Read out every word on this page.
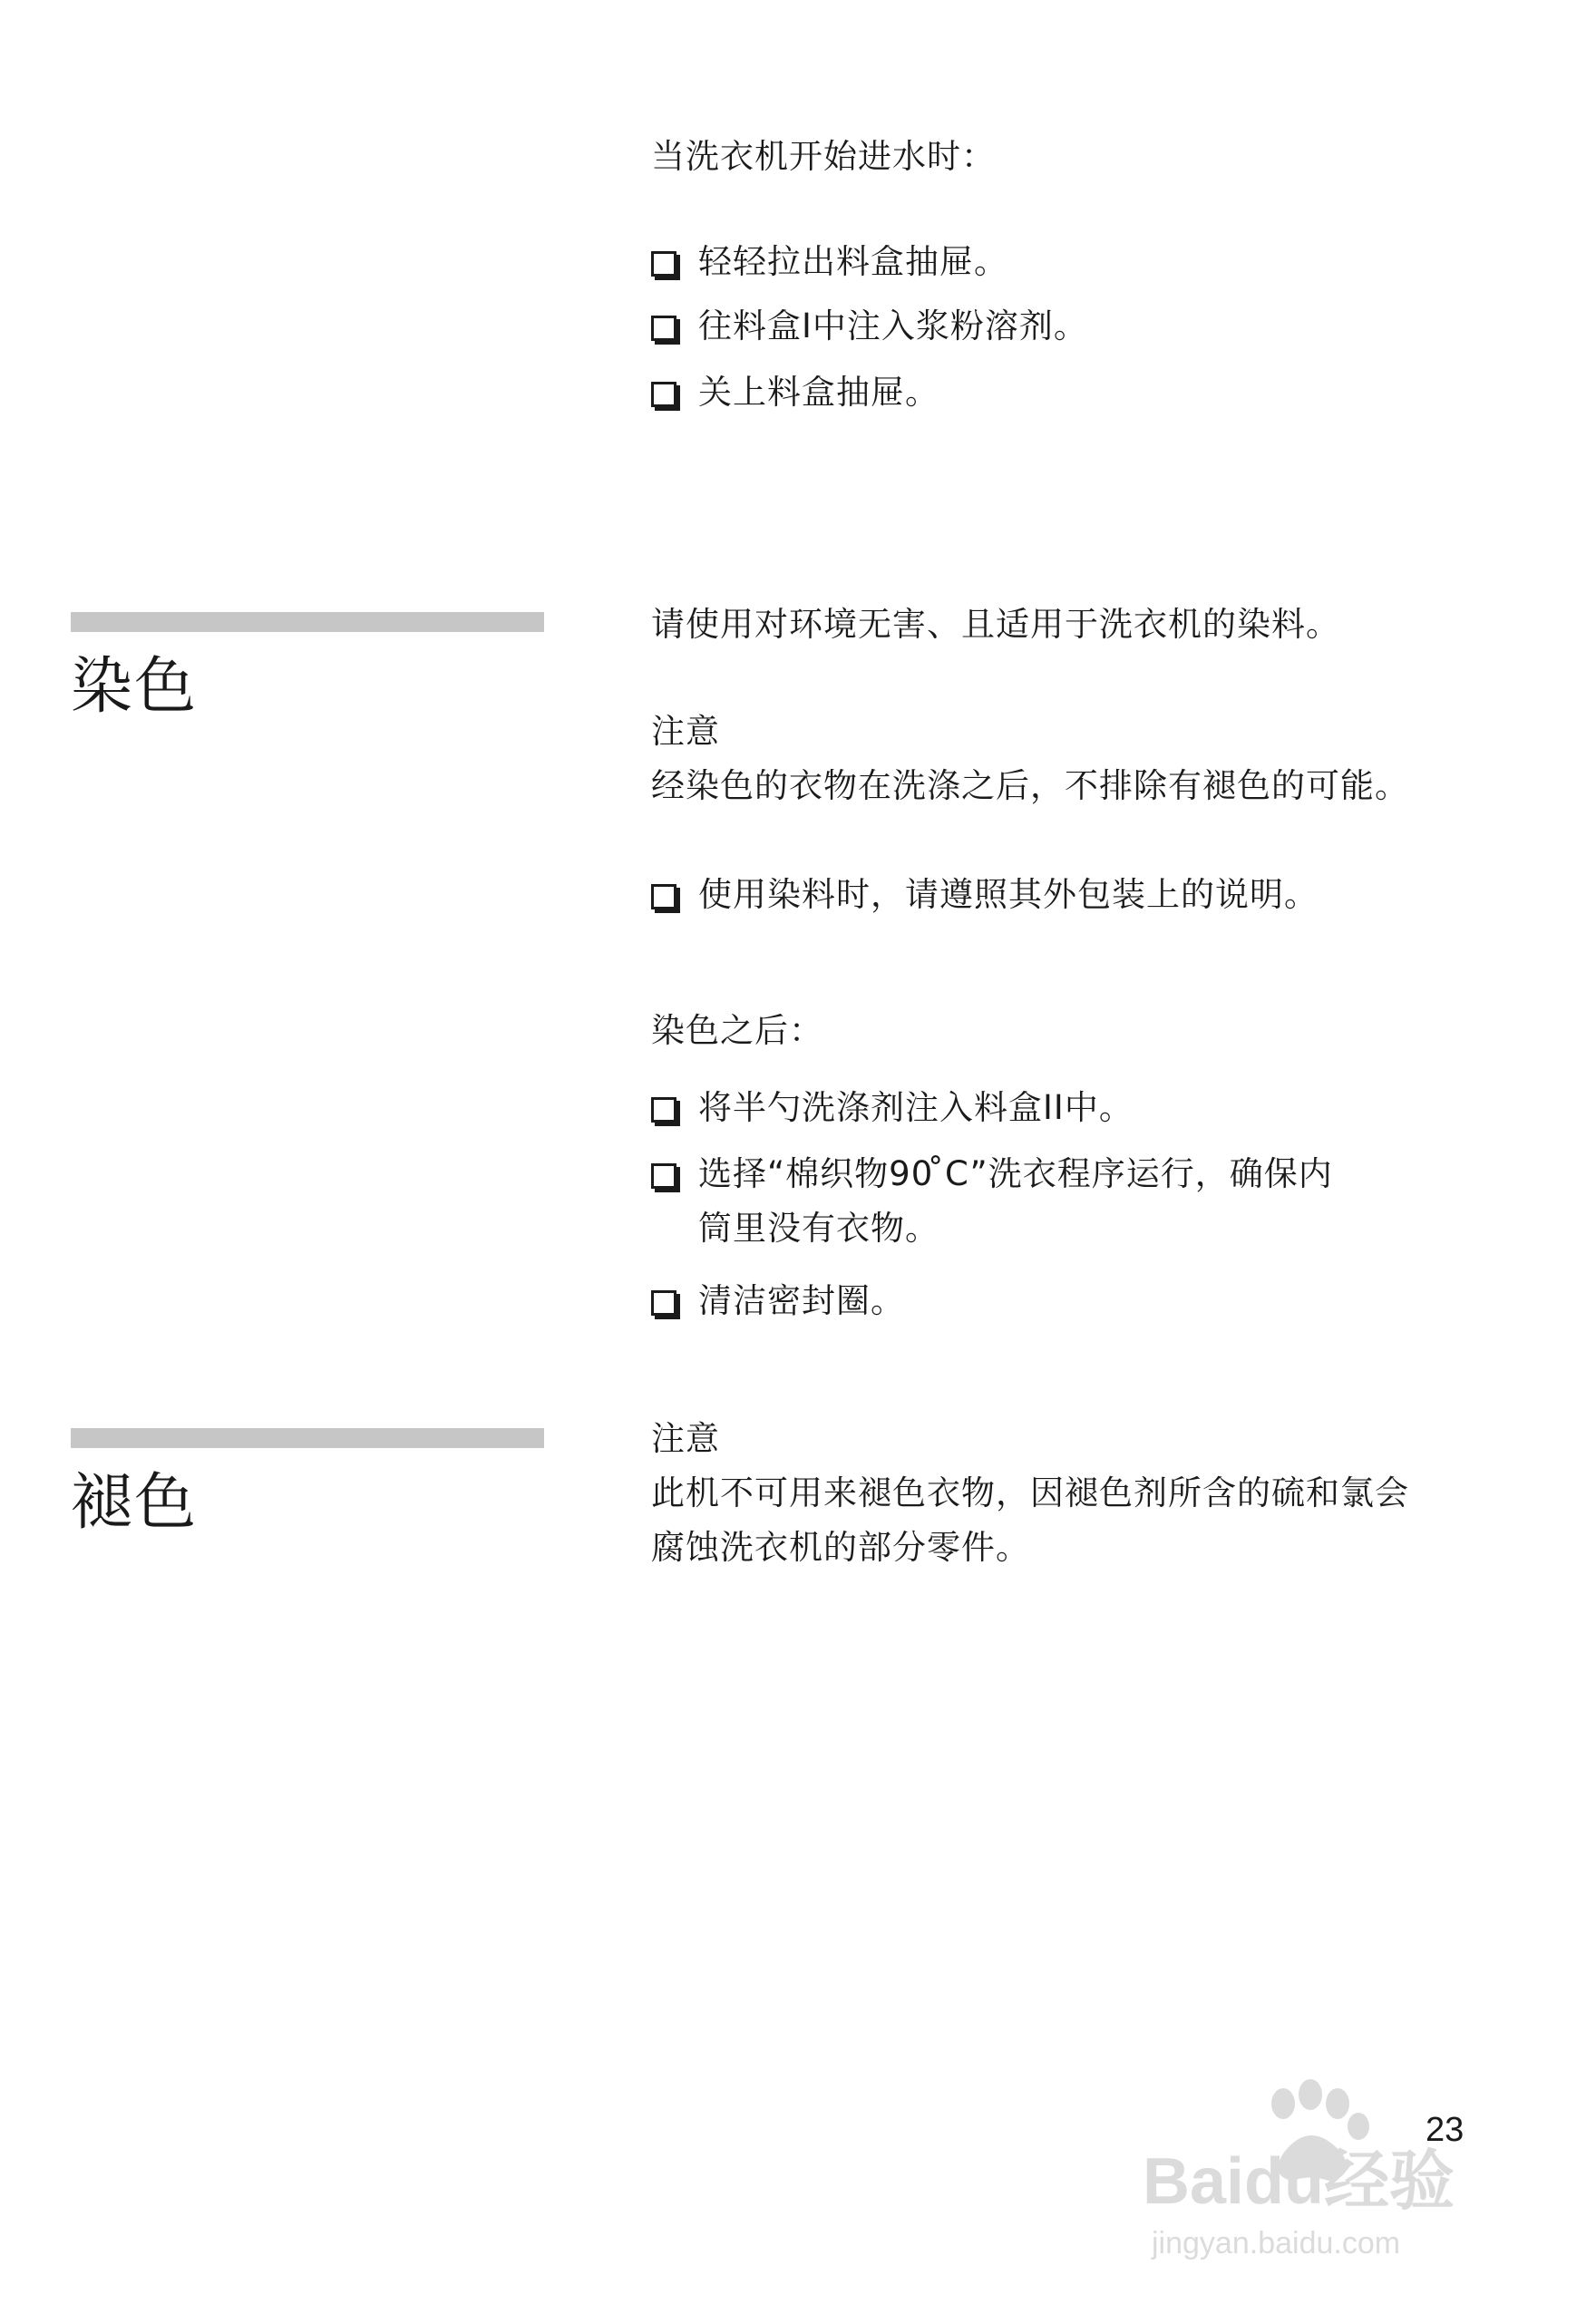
当洗衣机开始进水时：
轻轻拉出料盒抽屉。
往料盒I中注入浆粉溶剂。
关上料盒抽屉。
染色
请使用对环境无害、且适用于洗衣机的染料。
注意
经染色的衣物在洗涤之后，不排除有褪色的可能。
使用染料时，请遵照其外包装上的说明。
染色之后：
将半勺洗涤剂注入料盒II中。
选择“棉织物90 ̊C”洗衣程序运行，确保内
筒里没有衣物。
清洁密封圈。
褪色
注意
此机不可用来褪色衣物，因褪色剂所含的硫和氯会
腐蚀洗衣机的部分零件。
Baidu经验
jingyan.baidu.com
23
